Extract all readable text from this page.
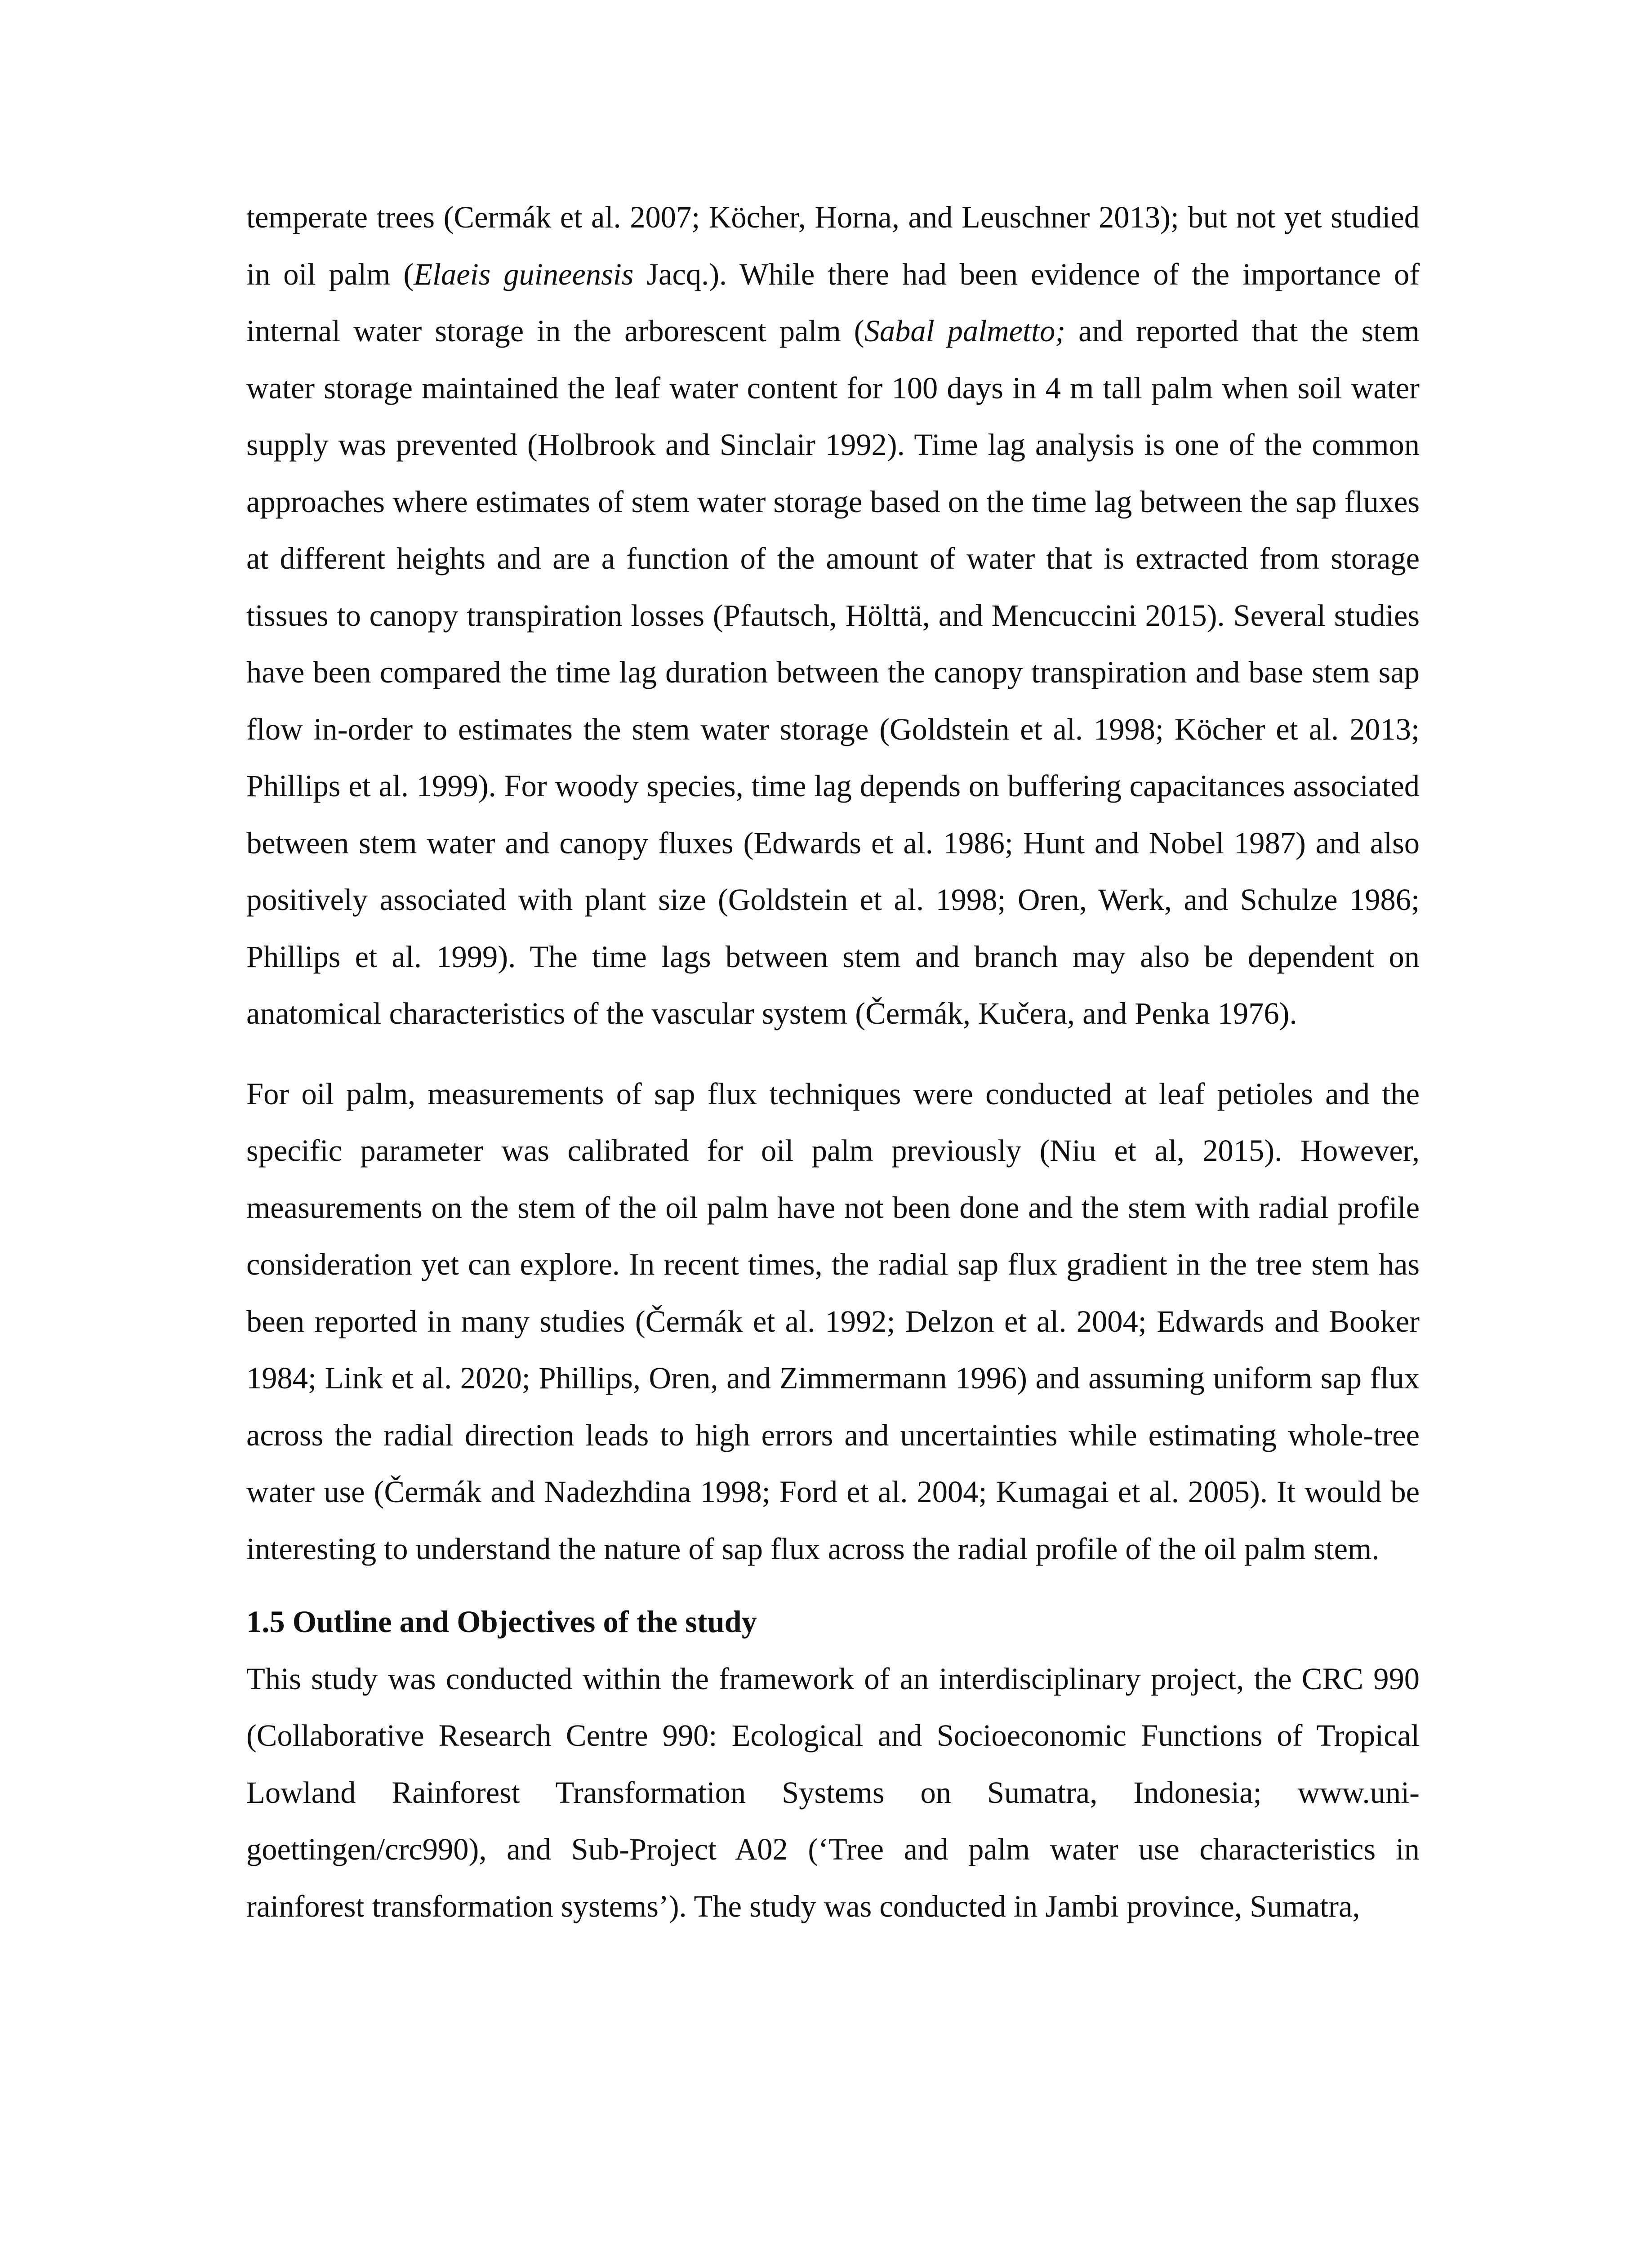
temperate trees (Cermák et al. 2007; Köcher, Horna, and Leuschner 2013); but not yet studied in oil palm (Elaeis guineensis Jacq.). While there had been evidence of the importance of internal water storage in the arborescent palm (Sabal palmetto; and reported that the stem water storage maintained the leaf water content for 100 days in 4 m tall palm when soil water supply was prevented (Holbrook and Sinclair 1992). Time lag analysis is one of the common approaches where estimates of stem water storage based on the time lag between the sap fluxes at different heights and are a function of the amount of water that is extracted from storage tissues to canopy transpiration losses (Pfautsch, Hölttä, and Mencuccini 2015). Several studies have been compared the time lag duration between the canopy transpiration and base stem sap flow in-order to estimates the stem water storage (Goldstein et al. 1998; Köcher et al. 2013; Phillips et al. 1999). For woody species, time lag depends on buffering capacitances associated between stem water and canopy fluxes (Edwards et al. 1986; Hunt and Nobel 1987) and also positively associated with plant size (Goldstein et al. 1998; Oren, Werk, and Schulze 1986; Phillips et al. 1999). The time lags between stem and branch may also be dependent on anatomical characteristics of the vascular system (Čermák, Kučera, and Penka 1976).

For oil palm, measurements of sap flux techniques were conducted at leaf petioles and the specific parameter was calibrated for oil palm previously (Niu et al, 2015). However, measurements on the stem of the oil palm have not been done and the stem with radial profile consideration yet can explore. In recent times, the radial sap flux gradient in the tree stem has been reported in many studies (Čermák et al. 1992; Delzon et al. 2004; Edwards and Booker 1984; Link et al. 2020; Phillips, Oren, and Zimmermann 1996) and assuming uniform sap flux across the radial direction leads to high errors and uncertainties while estimating whole-tree water use (Čermák and Nadezhdina 1998; Ford et al. 2004; Kumagai et al. 2005). It would be interesting to understand the nature of sap flux across the radial profile of the oil palm stem.

1.5 Outline and Objectives of the study

This study was conducted within the framework of an interdisciplinary project, the CRC 990 (Collaborative Research Centre 990: Ecological and Socioeconomic Functions of Tropical Lowland Rainforest Transformation Systems on Sumatra, Indonesia; www.uni-goettingen/crc990), and Sub-Project A02 (‘Tree and palm water use characteristics in rainforest transformation systems’). The study was conducted in Jambi province, Sumatra,
